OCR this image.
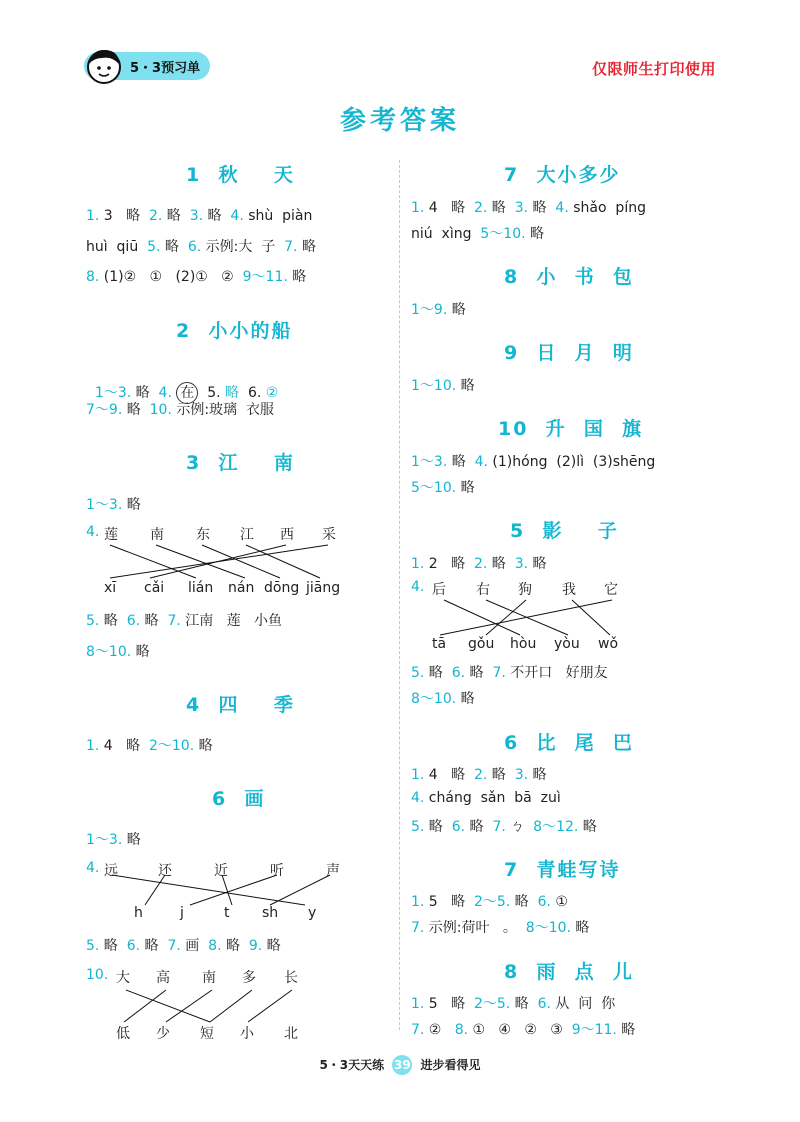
5・3预习单	仅限师生打印使用
参考答案
1  秋    天
1. 3   略  2. 略  3. 略  4. shù  piàn
huì  qiū  5. 略  6. 示例:大  子  7. 略
8. (1)②   ①   (2)①   ②  9～11. 略
2  小小的船

1～3. 略  4. 在 5. 略  6. ②

7～9. 略  10. 示例:玻璃  衣服
3  江    南
1～3. 略
4. 莲 南 东 江 西 采
xī cǎi lián nán dōng jiāng
5. 略  6. 略  7. 江南   莲   小鱼
8～10. 略
4  四    季
1. 4   略  2～10. 略
6  画
1～3. 略
4. 远	还	近	听	声
h	j	t sh y
5. 略  6. 略  7. 画  8. 略  9. 略
10. 大 高 南 多 长
低 少 短 小 北
7  大小多少
1. 4   略  2. 略  3. 略  4. shǎo  píng
niú  xìng  5～10. 略
8  小  书  包
1～9. 略
9  日  月  明
1～10. 略
10  升  国  旗
1～3. 略  4. (1)hóng  (2)lì  (3)shēng
5～10. 略
5  影    子
1. 2   略  2. 略  3. 略
4. 后 右 狗 我 它
tā gǒu hòu yòu wǒ
5. 略  6. 略  7. 不开口   好朋友
8～10. 略
6  比  尾  巴
1. 4   略  2. 略  3. 略
4. cháng  sǎn  bā  zuì
5. 略  6. 略  7. ㄅ  8～12. 略
7  青蛙写诗
1. 5   略  2～5. 略  6. ①
7. 示例:荷叶   。  8～10. 略
8  雨  点  儿
1. 5   略  2～5. 略  6. 从  问  你
7. ②   8. ①   ④   ②   ③  9～11. 略
5・3天天练 39 进步看得见
